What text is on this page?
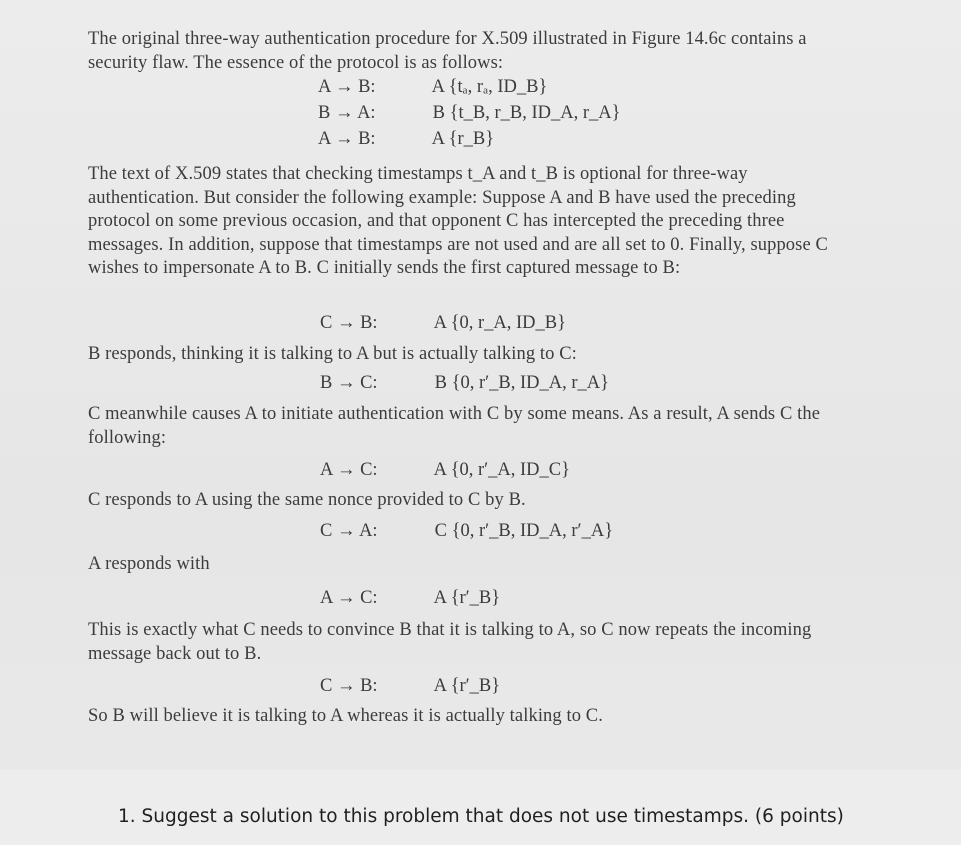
The original three-way authentication procedure for X.509 illustrated in Figure 14.6c contains a security flaw. The essence of the protocol is as follows:
A → B:	A {tₐ, rₐ, ID_B}
B → A:	B {t_B, r_B, ID_A, r_A}
A → B:	A {r_B}
The text of X.509 states that checking timestamps t_A and t_B is optional for three-way authentication. But consider the following example: Suppose A and B have used the preceding protocol on some previous occasion, and that opponent C has intercepted the preceding three messages. In addition, suppose that timestamps are not used and are all set to 0. Finally, suppose C wishes to impersonate A to B. C initially sends the first captured message to B:
C → B:	A {0, r_A, ID_B}
B responds, thinking it is talking to A but is actually talking to C:
B → C:	B {0, r′_B, ID_A, r_A}
C meanwhile causes A to initiate authentication with C by some means. As a result, A sends C the following:
A → C:	A {0, r′_A, ID_C}
C responds to A using the same nonce provided to C by B.
C → A:	C {0, r′_B, ID_A, r′_A}
A responds with
A → C:	A {r′_B}
This is exactly what C needs to convince B that it is talking to A, so C now repeats the incoming message back out to B.
C → B:	A {r′_B}
So B will believe it is talking to A whereas it is actually talking to C.
1. Suggest a solution to this problem that does not use timestamps. (6 points)
